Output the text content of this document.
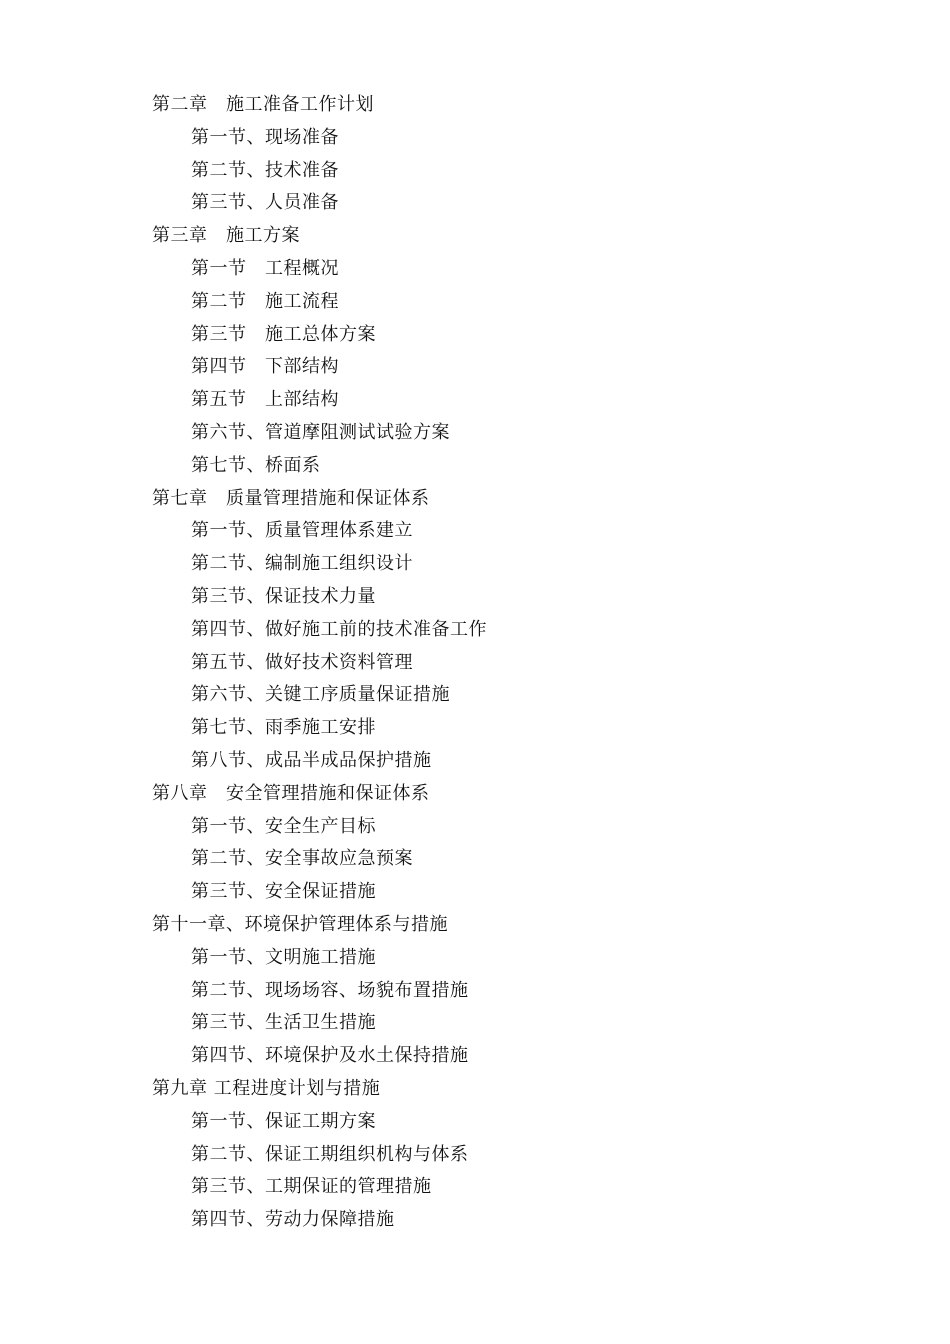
第二章　施工准备工作计划
第一节、现场准备
第二节、技术准备
第三节、人员准备
第三章　施工方案
第一节　工程概况
第二节　施工流程
第三节　施工总体方案
第四节　下部结构
第五节　上部结构
第六节、管道摩阻测试试验方案
第七节、桥面系
第七章　质量管理措施和保证体系
第一节、质量管理体系建立
第二节、编制施工组织设计
第三节、保证技术力量
第四节、做好施工前的技术准备工作
第五节、做好技术资料管理
第六节、关键工序质量保证措施
第七节、雨季施工安排
第八节、成品半成品保护措施
第八章　安全管理措施和保证体系
第一节、安全生产目标
第二节、安全事故应急预案
第三节、安全保证措施
第十一章、环境保护管理体系与措施
第一节、文明施工措施
第二节、现场场容、场貌布置措施
第三节、生活卫生措施
第四节、环境保护及水土保持措施
第九章 工程进度计划与措施
第一节、保证工期方案
第二节、保证工期组织机构与体系
第三节、工期保证的管理措施
第四节、劳动力保障措施
